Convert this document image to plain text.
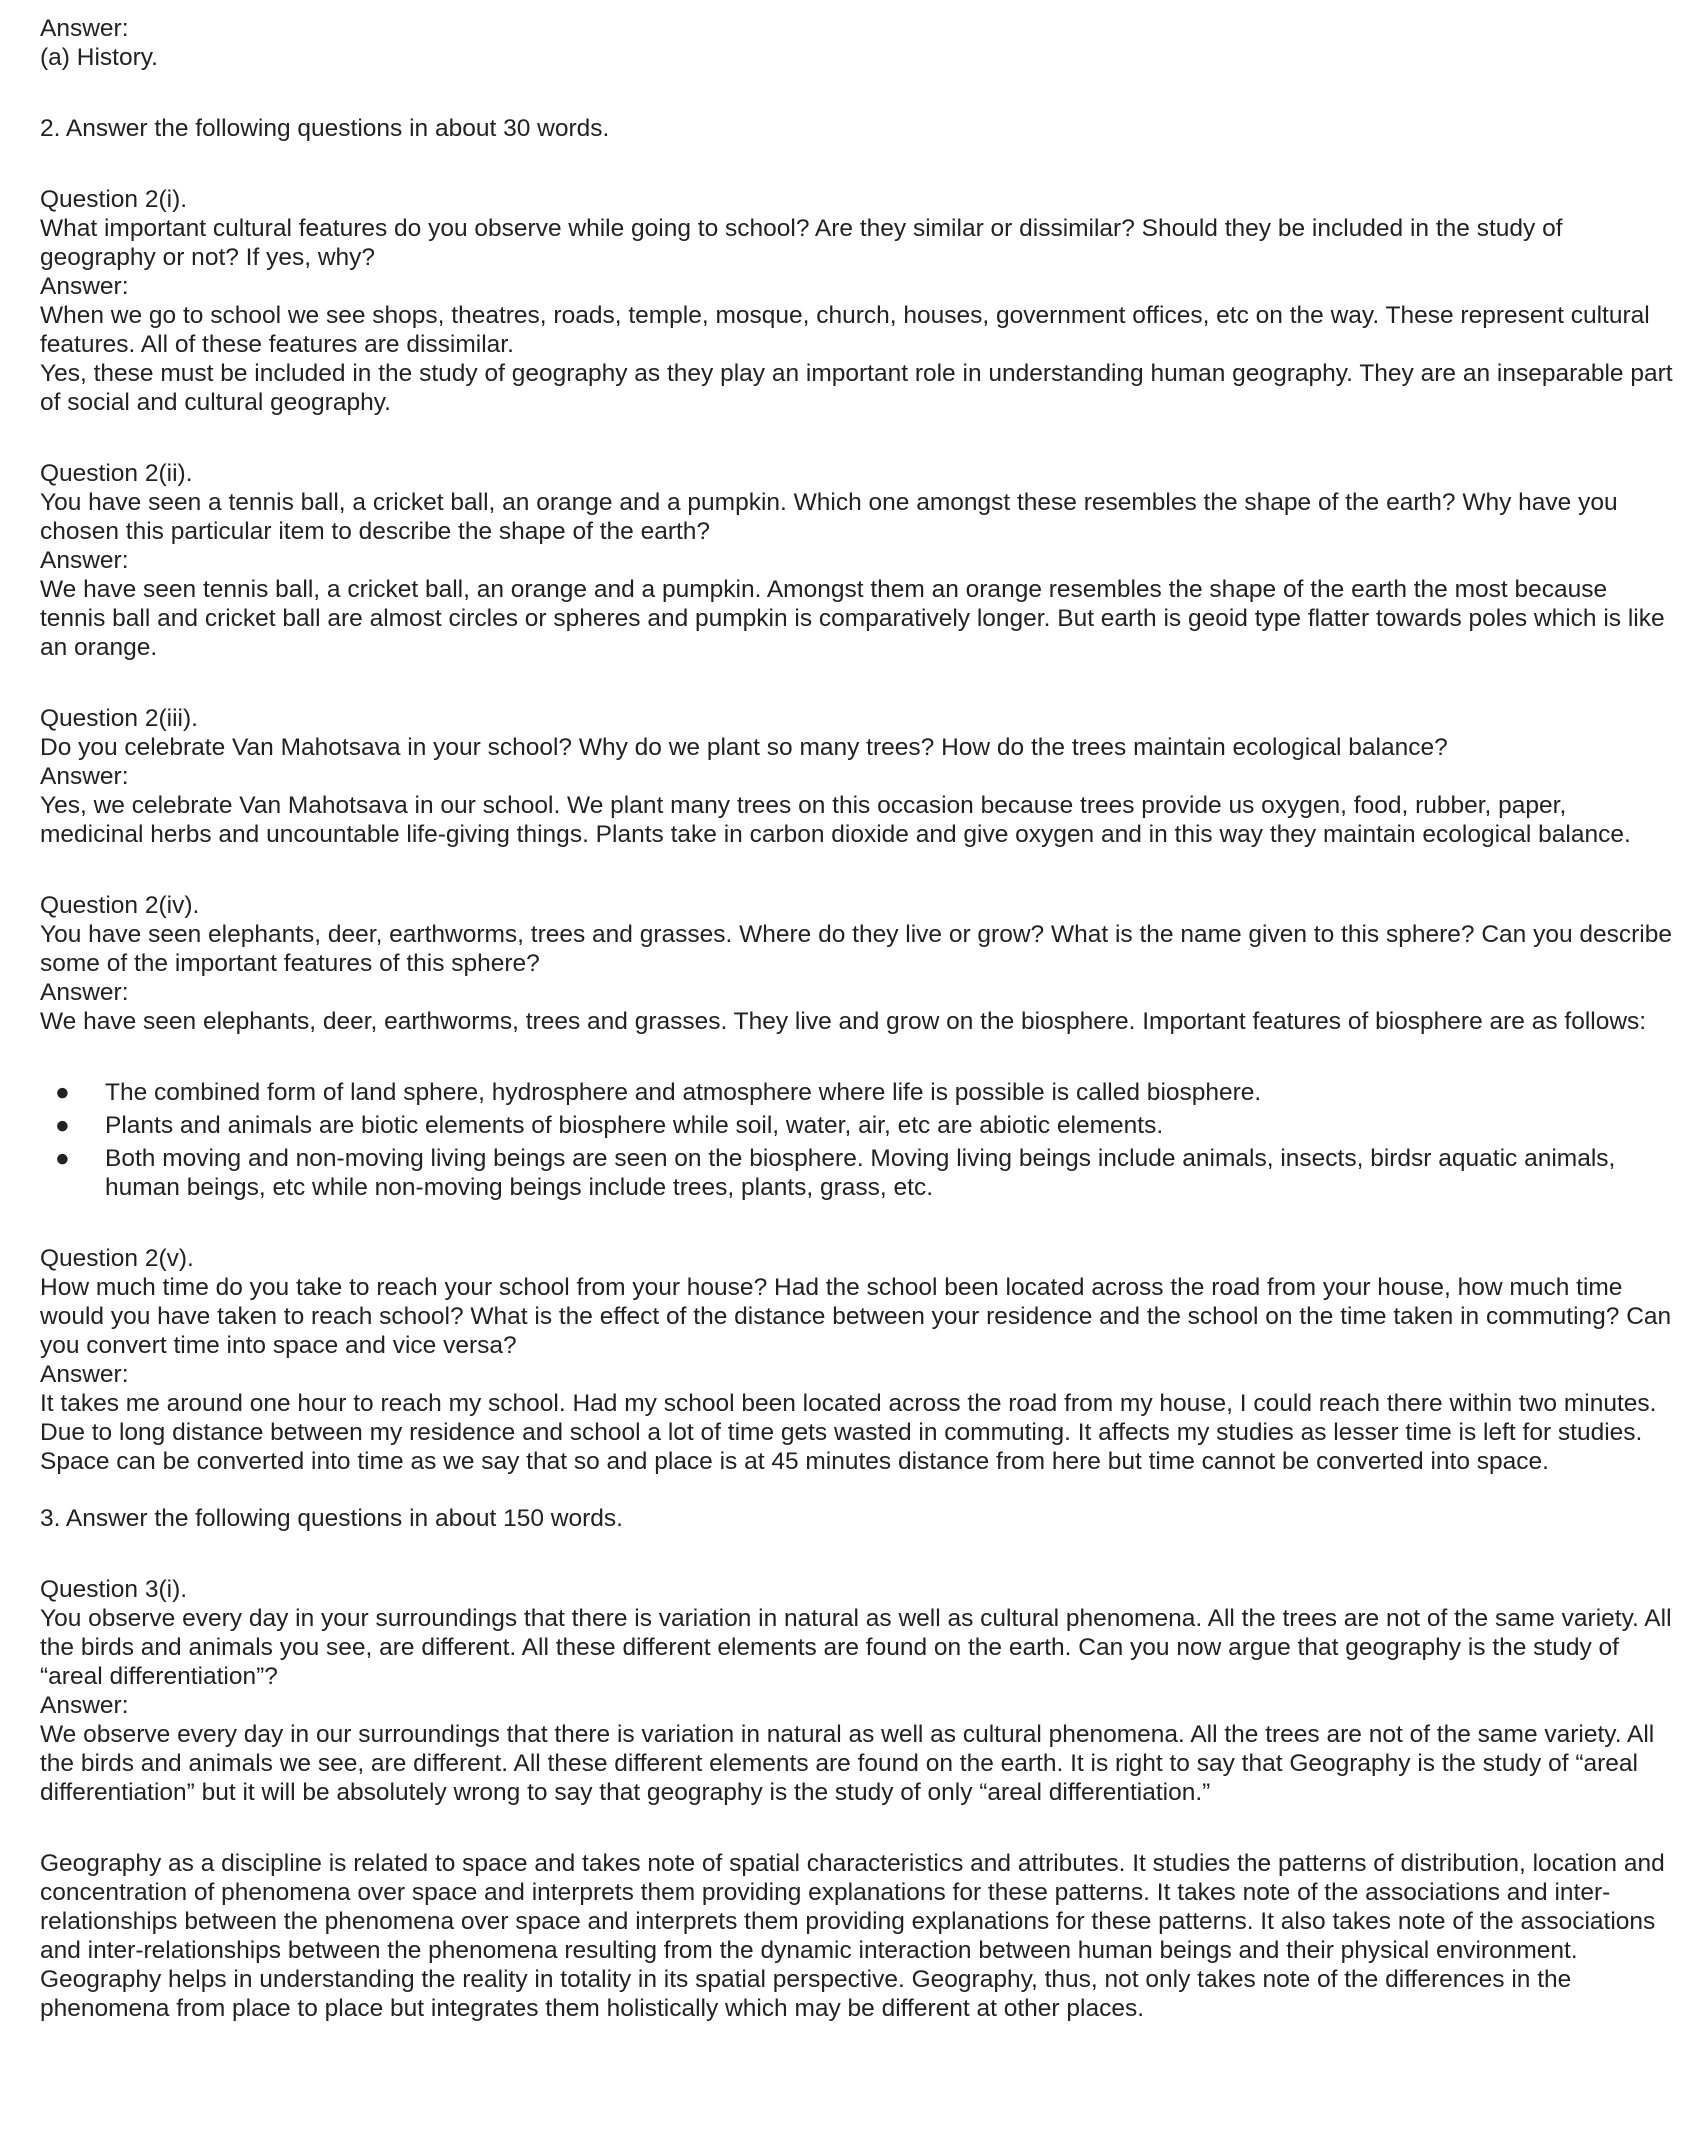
Answer:
(a) History.
2. Answer the following questions in about 30 words.
Question 2(i).
What important cultural features do you observe while going to school? Are they similar or dissimilar? Should they be included in the study of geography or not? If yes, why?
Answer:
When we go to school we see shops, theatres, roads, temple, mosque, church, houses, government offices, etc on the way. These represent cultural features. All of these features are dissimilar.
Yes, these must be included in the study of geography as they play an important role in understanding human geography. They are an inseparable part of social and cultural geography.
Question 2(ii).
You have seen a tennis ball, a cricket ball, an orange and a pumpkin. Which one amongst these resembles the shape of the earth? Why have you chosen this particular item to describe the shape of the earth?
Answer:
We have seen tennis ball, a cricket ball, an orange and a pumpkin. Amongst them an orange resembles the shape of the earth the most because tennis ball and cricket ball are almost circles or spheres and pumpkin is comparatively longer. But earth is geoid type flatter towards poles which is like an orange.
Question 2(iii).
Do you celebrate Van Mahotsava in your school? Why do we plant so many trees? How do the trees maintain ecological balance?
Answer:
Yes, we celebrate Van Mahotsava in our school. We plant many trees on this occasion because trees provide us oxygen, food, rubber, paper, medicinal herbs and uncountable life-giving things. Plants take in carbon dioxide and give oxygen and in this way they maintain ecological balance.
Question 2(iv).
You have seen elephants, deer, earthworms, trees and grasses. Where do they live or grow? What is the name given to this sphere? Can you describe some of the important features of this sphere?
Answer:
We have seen elephants, deer, earthworms, trees and grasses. They live and grow on the biosphere. Important features of biosphere are as follows:
● The combined form of land sphere, hydrosphere and atmosphere where life is possible is called biosphere.
● Plants and animals are biotic elements of biosphere while soil, water, air, etc are abiotic elements.
● Both moving and non-moving living beings are seen on the biosphere. Moving living beings include animals, insects, birdsr aquatic animals, human beings, etc while non-moving beings include trees, plants, grass, etc.
Question 2(v).
How much time do you take to reach your school from your house? Had the school been located across the road from your house, how much time would you have taken to reach school? What is the effect of the distance between your residence and the school on the time taken in commuting? Can you convert time into space and vice versa?
Answer:
It takes me around one hour to reach my school. Had my school been located across the road from my house, I could reach there within two minutes. Due to long distance between my residence and school a lot of time gets wasted in commuting. It affects my studies as lesser time is left for studies.
Space can be converted into time as we say that so and place is at 45 minutes distance from here but time cannot be converted into space.
3. Answer the following questions in about 150 words.
Question 3(i).
You observe every day in your surroundings that there is variation in natural as well as cultural phenomena. All the trees are not of the same variety. All the birds and animals you see, are different. All these different elements are found on the earth. Can you now argue that geography is the study of “areal differentiation”?
Answer:
We observe every day in our surroundings that there is variation in natural as well as cultural phenomena. All the trees are not of the same variety. All the birds and animals we see, are different. All these different elements are found on the earth. It is right to say that Geography is the study of “areal differentiation” but it will be absolutely wrong to say that geography is the study of only “areal differentiation.”
Geography as a discipline is related to space and takes note of spatial characteristics and attributes. It studies the patterns of distribution, location and concentration of phenomena over space and interprets them providing explanations for these patterns. It takes note of the associations and inter- relationships between the phenomena over space and interprets them providing explanations for these patterns. It also takes note of the associations and inter-relationships between the phenomena resulting from the dynamic interaction between human beings and their physical environment. Geography helps in understanding the reality in totality in its spatial perspective. Geography, thus, not only takes note of the differences in the phenomena from place to place but integrates them holistically which may be different at other places.
